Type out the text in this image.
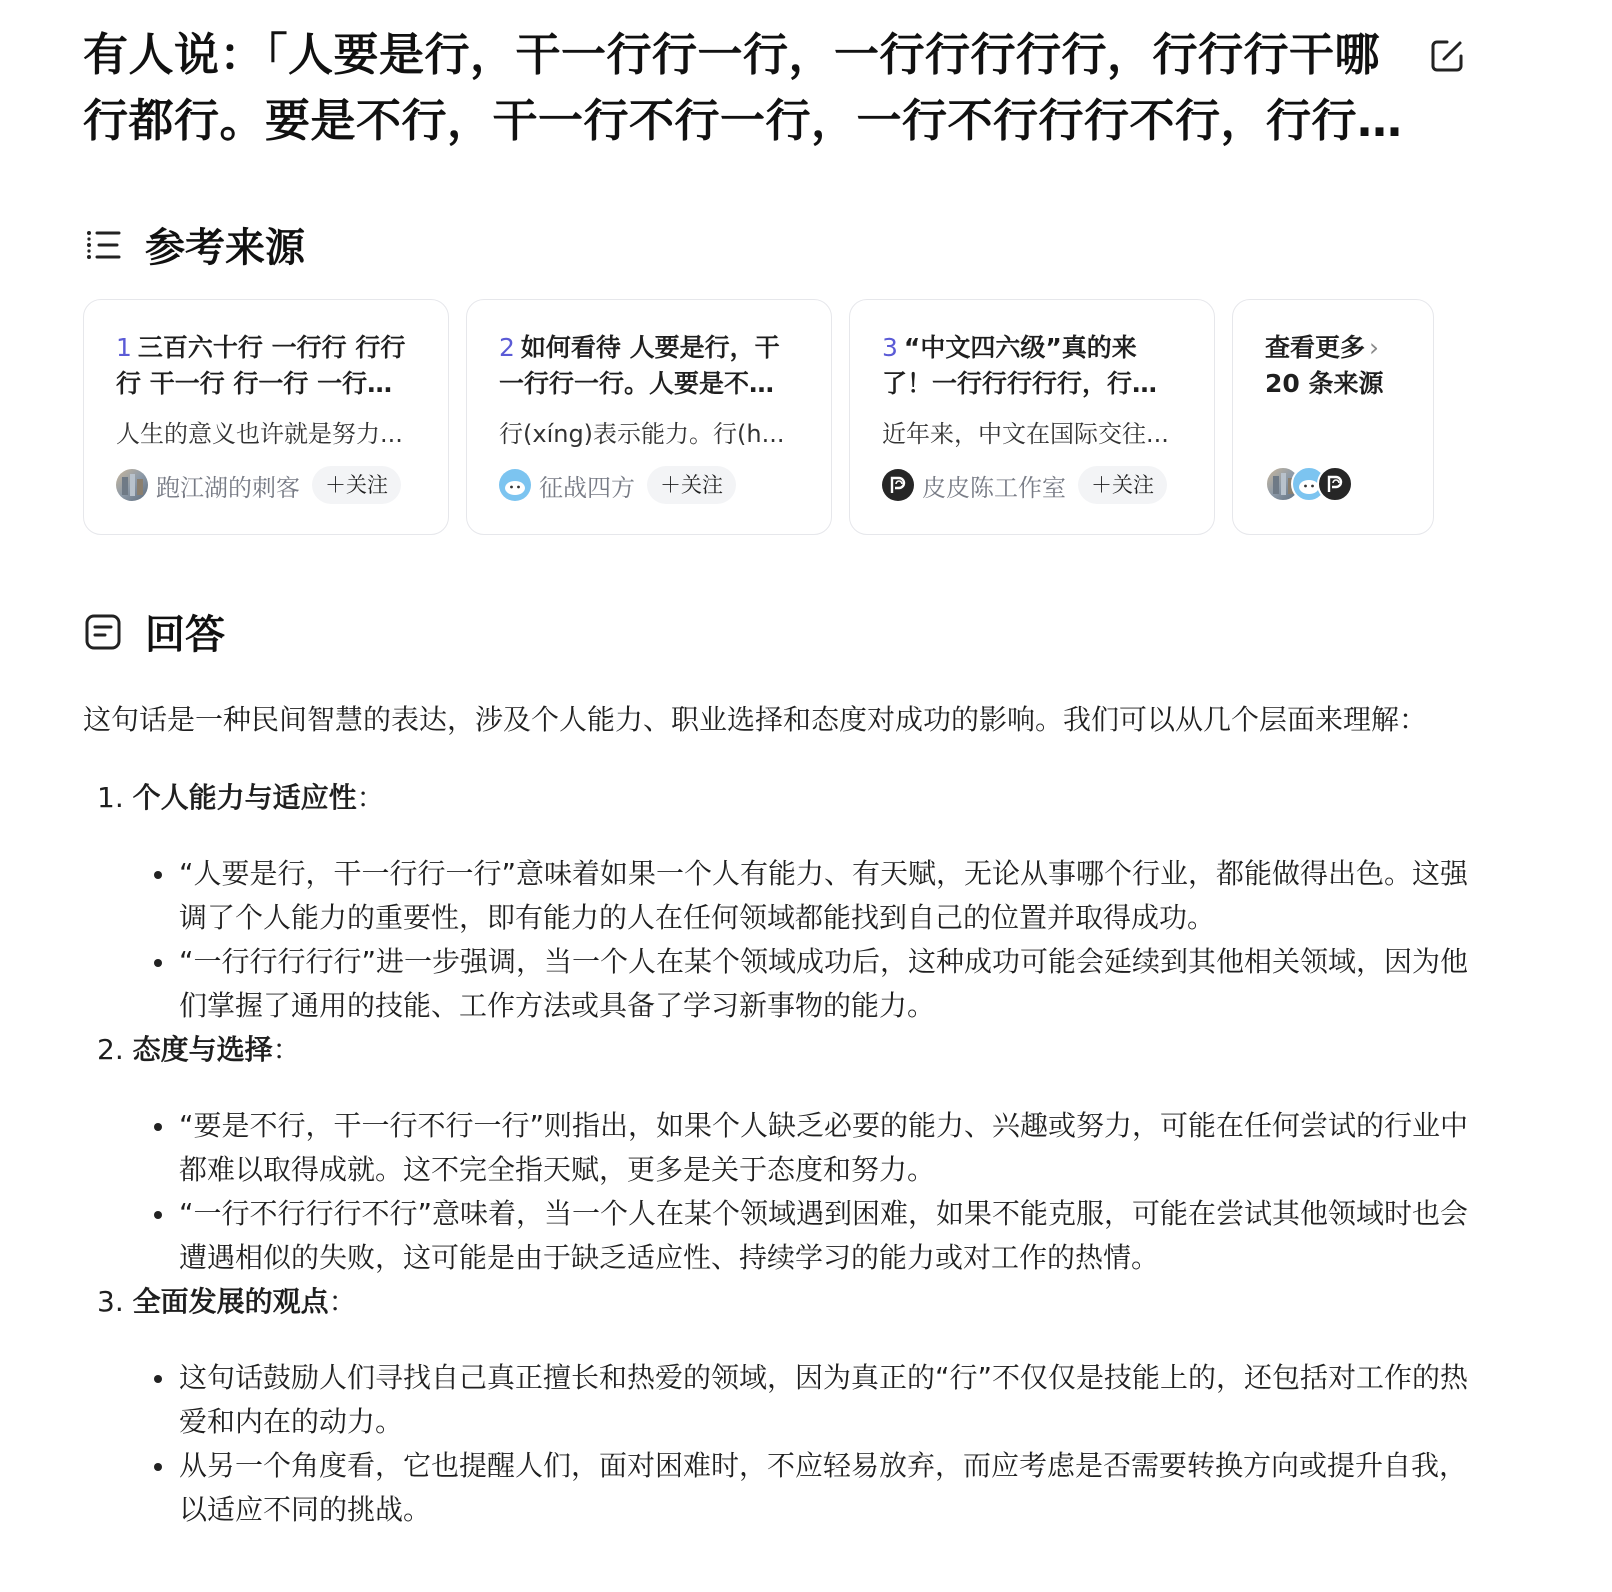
有人说：「人要是行，干一行行一行，一行行行行行，行行行干哪行都行。要是不行，干一行不行一行，一行不行行行不行，行行不
参考来源
1 三百六十行 一行行 行行行 干一行 行一行 一行不
人生的意义也许就是努力...
跑江湖的刺客	＋关注
2 如何看待 人要是行，干一行行一行。人要是不行，
行(xíng)表示能力。行(h...
征战四方	＋关注
3 “中文四六级”真的来了！一行行行行行，行行行
近年来，中文在国际交往...
皮皮陈工作室	＋关注
查看更多 ›
20 条来源
回答

这句话是一种民间智慧的表达，涉及个人能力、职业选择和态度对成功的影响。我们可以从几个层面来理解：

1. 个人能力与适应性：
“人要是行，干一行行一行”意味着如果一个人有能力、有天赋，无论从事哪个行业，都能做得出色。这强调了个人能力的重要性，即有能力的人在任何领域都能找到自己的位置并取得成功。
“一行行行行行”进一步强调，当一个人在某个领域成功后，这种成功可能会延续到其他相关领域，因为他们掌握了通用的技能、工作方法或具备了学习新事物的能力。
2. 态度与选择：
“要是不行，干一行不行一行”则指出，如果个人缺乏必要的能力、兴趣或努力，可能在任何尝试的行业中都难以取得成就。这不完全指天赋，更多是关于态度和努力。
“一行不行行行不行”意味着，当一个人在某个领域遇到困难，如果不能克服，可能在尝试其他领域时也会遭遇相似的失败，这可能是由于缺乏适应性、持续学习的能力或对工作的热情。
3. 全面发展的观点：
这句话鼓励人们寻找自己真正擅长和热爱的领域，因为真正的“行”不仅仅是技能上的，还包括对工作的热爱和内在的动力。
从另一个角度看，它也提醒人们，面对困难时，不应轻易放弃，而应考虑是否需要转换方向或提升自我，以适应不同的挑战。
